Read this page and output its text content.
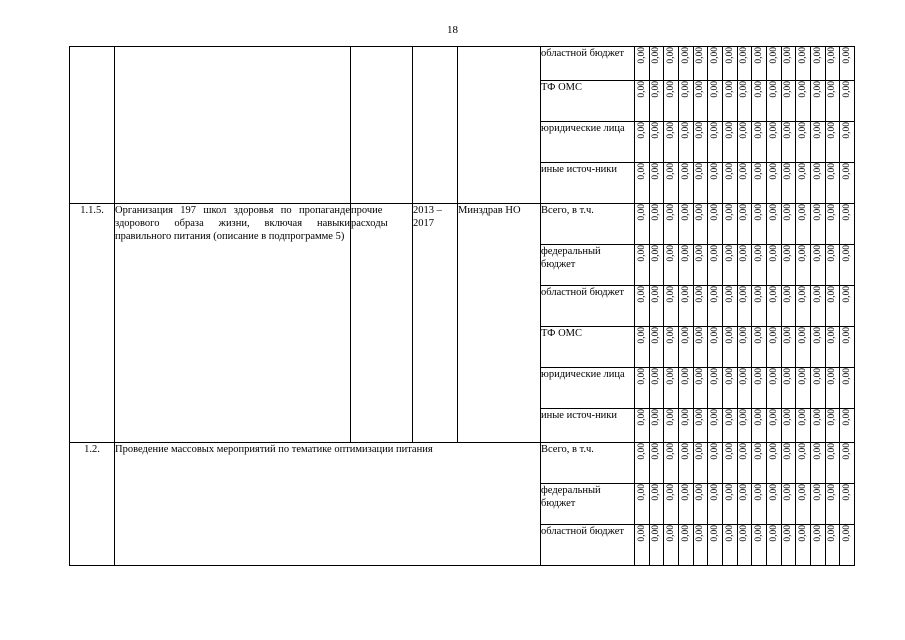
18
					областной бюджет	0,00	0,00	0,00	0,00	0,00	0,00	0,00	0,00	0,00	0,00	0,00	0,00	0,00	0,00	0,00
					ТФ ОМС	0,00	0,00	0,00	0,00	0,00	0,00	0,00	0,00	0,00	0,00	0,00	0,00	0,00	0,00	0,00
					юридические лица	0,00	0,00	0,00	0,00	0,00	0,00	0,00	0,00	0,00	0,00	0,00	0,00	0,00	0,00	0,00
					иные источ-ники	0,00	0,00	0,00	0,00	0,00	0,00	0,00	0,00	0,00	0,00	0,00	0,00	0,00	0,00	0,00
1.1.5.	Организация 197 школ здоровья по пропаганде здорового образа жизни, включая навыки правильного питания (описание в подпрограмме 5)	прочие расходы	2013 – 2017	Минздрав НО	Всего, в т.ч.	0,00	0,00	0,00	0,00	0,00	0,00	0,00	0,00	0,00	0,00	0,00	0,00	0,00	0,00	0,00
					федеральный бюджет	0,00	0,00	0,00	0,00	0,00	0,00	0,00	0,00	0,00	0,00	0,00	0,00	0,00	0,00	0,00
					областной бюджет	0,00	0,00	0,00	0,00	0,00	0,00	0,00	0,00	0,00	0,00	0,00	0,00	0,00	0,00	0,00
					ТФ ОМС	0,00	0,00	0,00	0,00	0,00	0,00	0,00	0,00	0,00	0,00	0,00	0,00	0,00	0,00	0,00
					юридические лица	0,00	0,00	0,00	0,00	0,00	0,00	0,00	0,00	0,00	0,00	0,00	0,00	0,00	0,00	0,00
					иные источ-ники	0,00	0,00	0,00	0,00	0,00	0,00	0,00	0,00	0,00	0,00	0,00	0,00	0,00	0,00	0,00
1.2.	Проведение массовых мероприятий по тематике оптимизации питания				Всего, в т.ч.	0,00	0,00	0,00	0,00	0,00	0,00	0,00	0,00	0,00	0,00	0,00	0,00	0,00	0,00	0,00
					федеральный бюджет	0,00	0,00	0,00	0,00	0,00	0,00	0,00	0,00	0,00	0,00	0,00	0,00	0,00	0,00	0,00
					областной бюджет	0,00	0,00	0,00	0,00	0,00	0,00	0,00	0,00	0,00	0,00	0,00	0,00	0,00	0,00	0,00
